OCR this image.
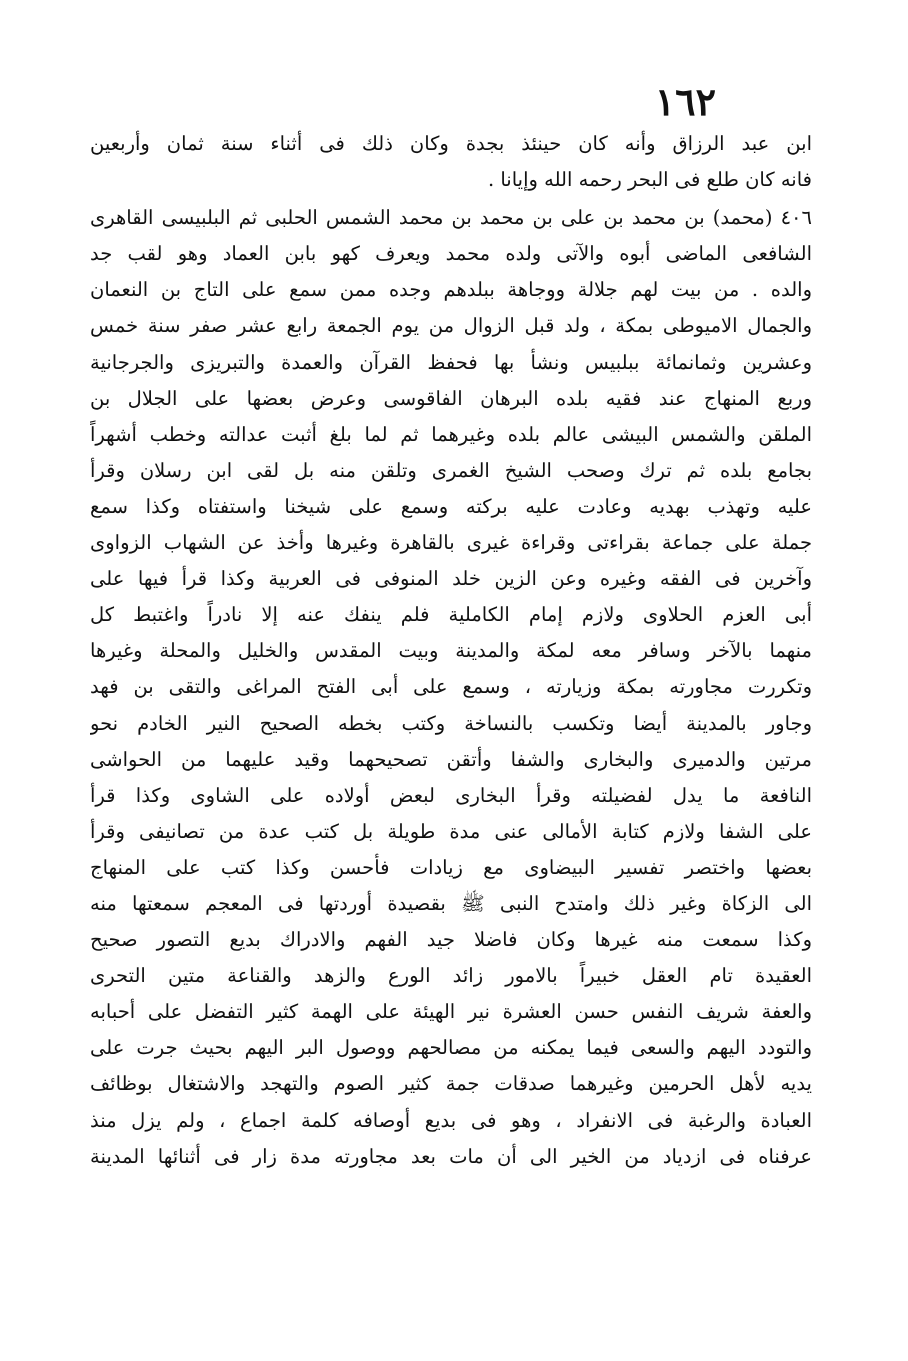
١٦٢
ابن عبد الرزاق وأنه كان حينئذ بجدة وكان ذلك فى أثناء سنة ثمان وأربعين
فانه كان طلع فى البحر رحمه الله وإيانا .
٤٠٦ (محمد) بن محمد بن على بن محمد بن محمد الشمس الحلبى ثم البلبيسى القاهرى
الشافعى الماضى أبوه والآتى ولده محمد ويعرف كهو بابن العماد وهو لقب جد
والده . من بيت لهم جلالة ووجاهة ببلدهم وجده ممن سمع على التاج بن النعمان
والجمال الاميوطى بمكة ، ولد قبل الزوال من يوم الجمعة رابع عشر صفر سنة خمس
وعشرين وثمانمائة ببلبيس ونشأ بها فحفظ القرآن والعمدة والتبريزى والجرجانية
وربع المنهاج عند فقيه بلده البرهان الفاقوسى وعرض بعضها على الجلال بن
الملقن والشمس البيشى عالم بلده وغيرهما ثم لما بلغ أثبت عدالته وخطب أشهراً
بجامع بلده ثم ترك وصحب الشيخ الغمرى وتلقن منه بل لقى ابن رسلان وقرأ
عليه وتهذب بهديه وعادت عليه بركته وسمع على شيخنا واستفتاه وكذا سمع
جملة على جماعة بقراءتى وقراءة غيرى بالقاهرة وغيرها وأخذ عن الشهاب الزواوى
وآخرين فى الفقه وغيره وعن الزين خلد المنوفى فى العربية وكذا قرأ فيها على
أبى العزم الحلاوى ولازم إمام الكاملية فلم ينفك عنه إلا نادراً واغتبط كل
منهما بالآخر وسافر معه لمكة والمدينة وبيت المقدس والخليل والمحلة وغيرها
وتكررت مجاورته بمكة وزيارته ، وسمع على أبى الفتح المراغى والتقى بن فهد
وجاور بالمدينة أيضا وتكسب بالنساخة وكتب بخطه الصحيح النير الخادم نحو
مرتين والدميرى والبخارى والشفا وأتقن تصحيحهما وقيد عليهما من الحواشى
النافعة ما يدل لفضيلته وقرأ البخارى لبعض أولاده على الشاوى وكذا قرأ
على الشفا ولازم كتابة الأمالى عنى مدة طويلة بل كتب عدة من تصانيفى وقرأ
بعضها واختصر تفسير البيضاوى مع زيادات فأحسن وكذا كتب على المنهاج
الى الزكاة وغير ذلك وامتدح النبى ﷺ بقصيدة أوردتها فى المعجم سمعتها منه
وكذا سمعت منه غيرها وكان فاضلا جيد الفهم والادراك بديع التصور صحيح
العقيدة تام العقل خبيراً بالامور زائد الورع والزهد والقناعة متين التحرى
والعفة شريف النفس حسن العشرة نير الهيئة على الهمة كثير التفضل على أحبابه
والتودد اليهم والسعى فيما يمكنه من مصالحهم ووصول البر اليهم بحيث جرت على
يديه لأهل الحرمين وغيرهما صدقات جمة كثير الصوم والتهجد والاشتغال بوظائف
العبادة والرغبة فى الانفراد ، وهو فى بديع أوصافه كلمة اجماع ، ولم يزل منذ
عرفناه فى ازدياد من الخير الى أن مات بعد مجاورته مدة زار فى أثنائها المدينة
